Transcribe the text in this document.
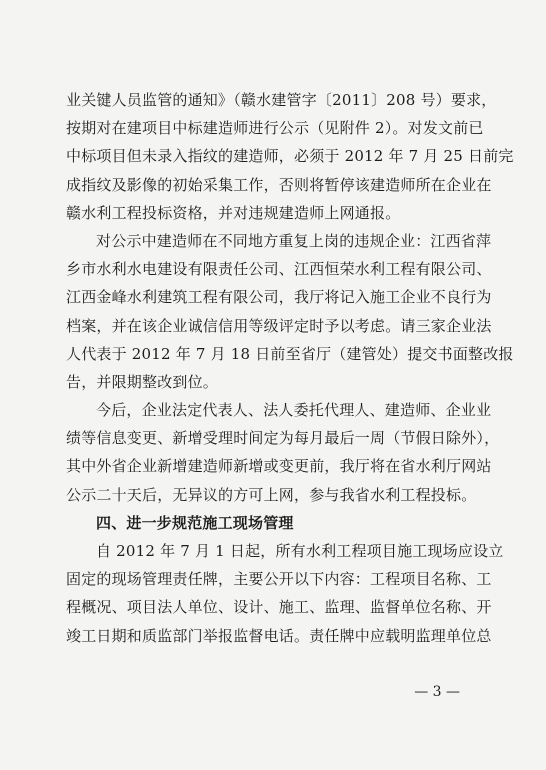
业关键人员监管的通知》（赣水建管字〔2011〕208 号）要求，
按期对在建项目中标建造师进行公示（见附件 2）。对发文前已
中标项目但未录入指纹的建造师，必须于 2012 年 7 月 25 日前完
成指纹及影像的初始采集工作，否则将暂停该建造师所在企业在
赣水利工程投标资格，并对违规建造师上网通报。
对公示中建造师在不同地方重复上岗的违规企业：江西省萍
乡市水利水电建设有限责任公司、江西恒荣水利工程有限公司、
江西金峰水利建筑工程有限公司，我厅将记入施工企业不良行为
档案，并在该企业诚信信用等级评定时予以考虑。请三家企业法
人代表于 2012 年 7 月 18 日前至省厅（建管处）提交书面整改报
告，并限期整改到位。
今后，企业法定代表人、法人委托代理人、建造师、企业业
绩等信息变更、新增受理时间定为每月最后一周（节假日除外），
其中外省企业新增建造师新增或变更前，我厅将在省水利厅网站
公示二十天后，无异议的方可上网，参与我省水利工程投标。
四、进一步规范施工现场管理
自 2012 年 7 月 1 日起，所有水利工程项目施工现场应设立
固定的现场管理责任牌，主要公开以下内容：工程项目名称、工
程概况、项目法人单位、设计、施工、监理、监督单位名称、开
竣工日期和质监部门举报监督电话。责任牌中应载明监理单位总
— 3 —
